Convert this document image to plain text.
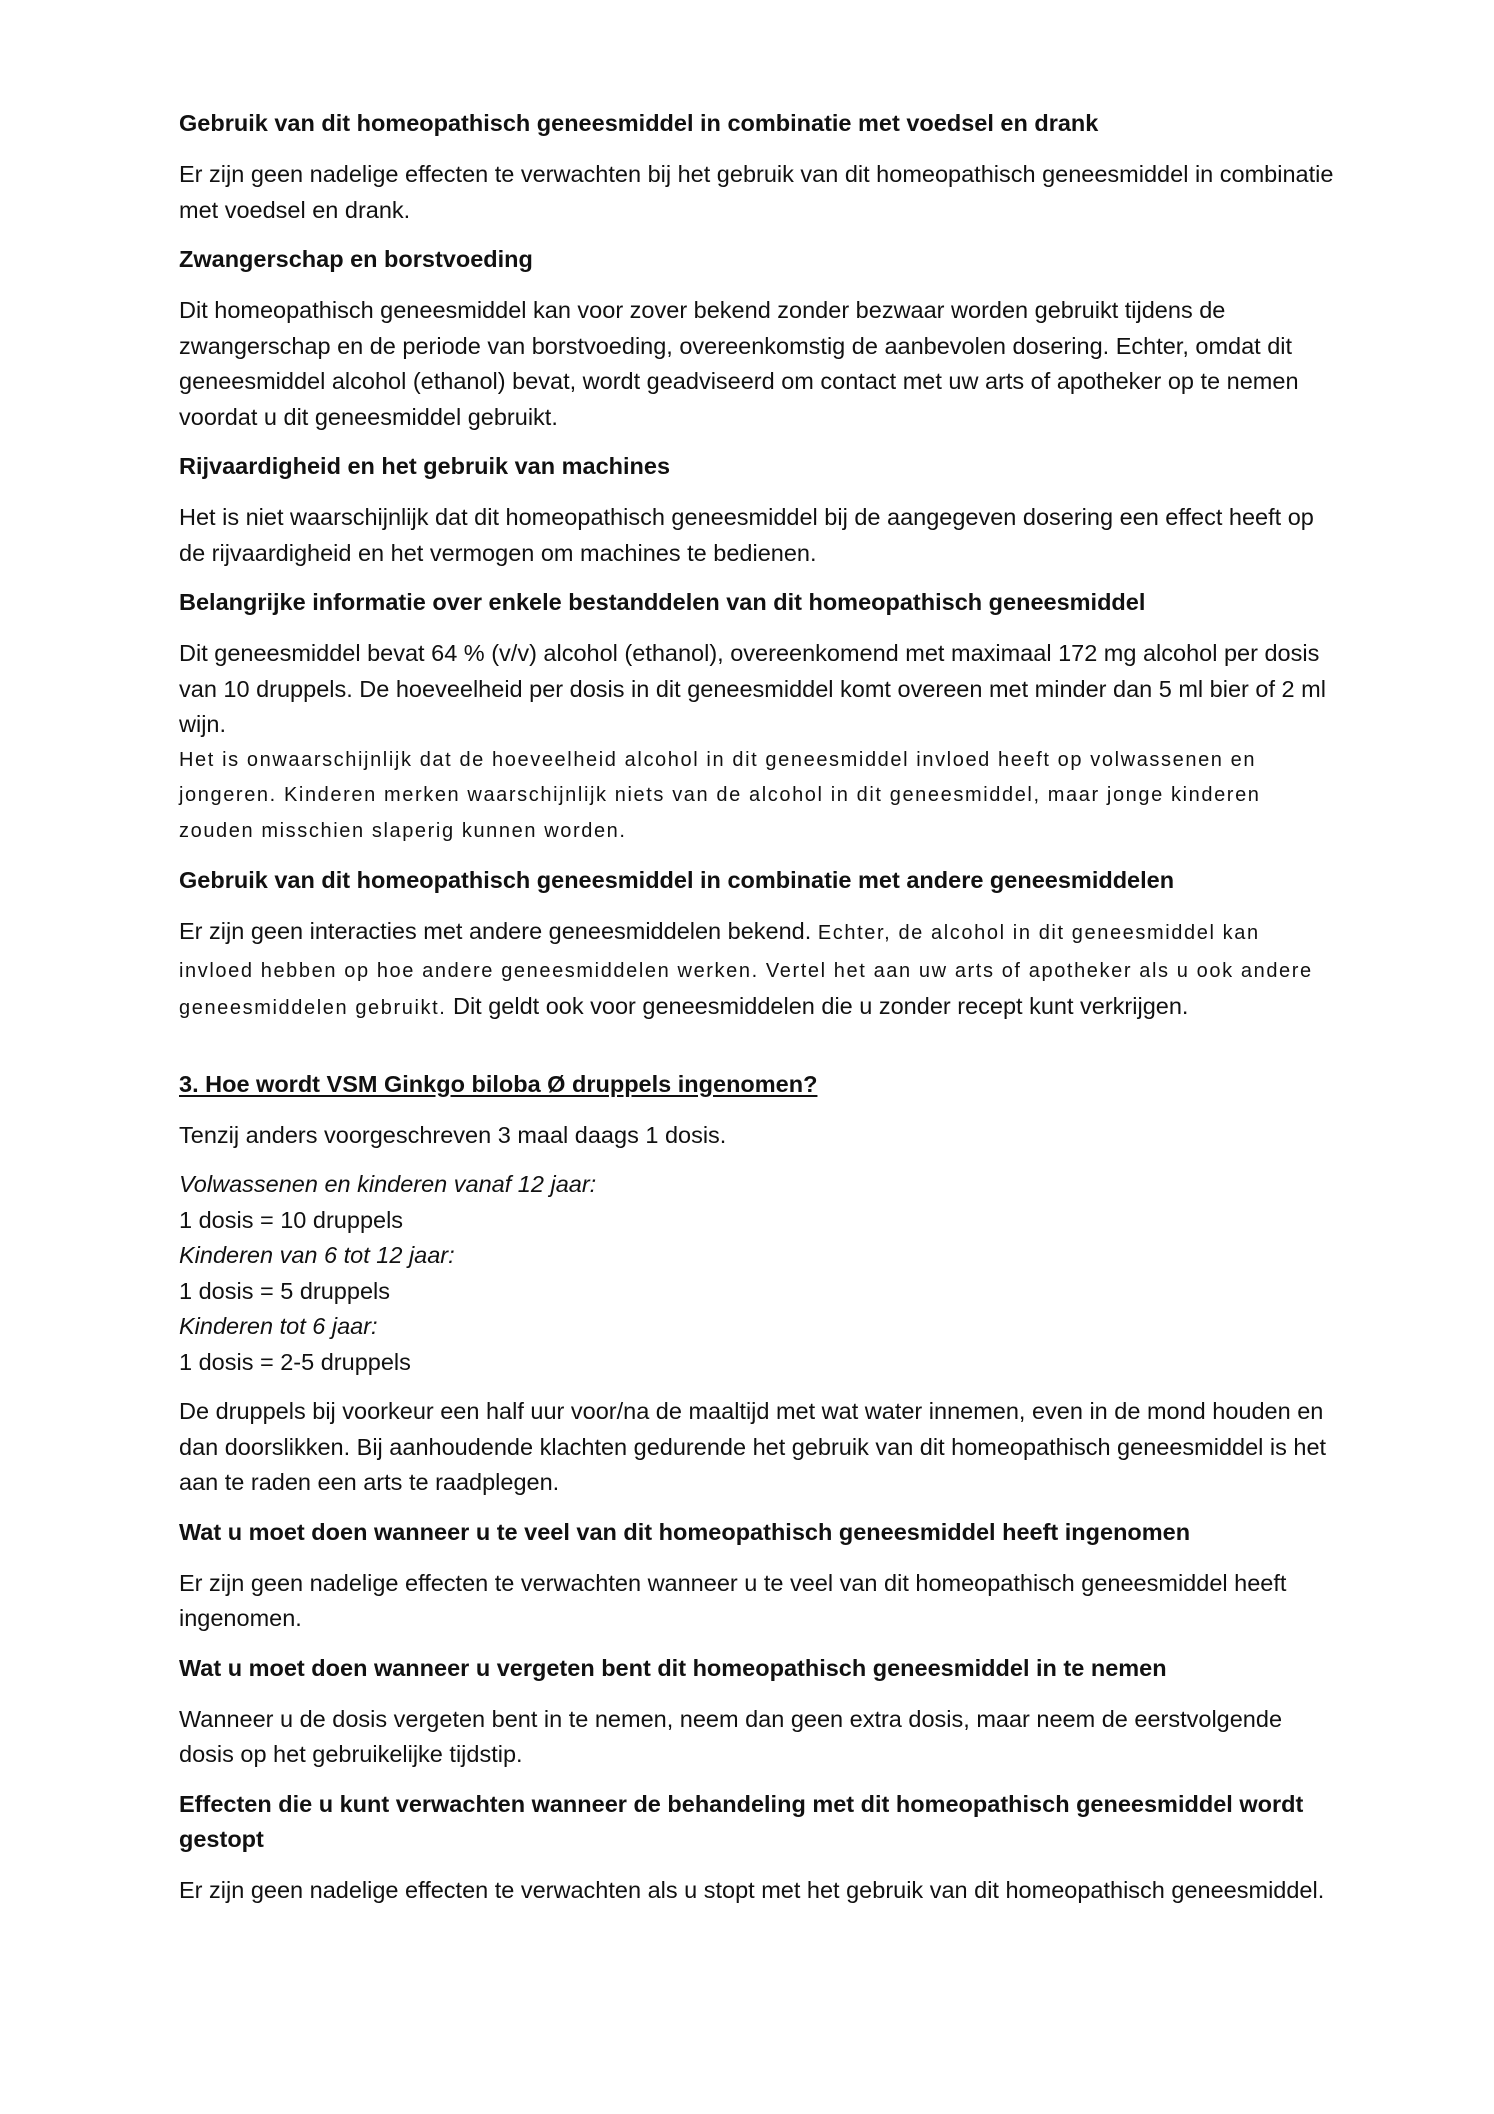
Gebruik van dit homeopathisch geneesmiddel in combinatie met voedsel en drank
Er zijn geen nadelige effecten te verwachten bij het gebruik van dit homeopathisch geneesmiddel in combinatie met voedsel en drank.
Zwangerschap en borstvoeding
Dit homeopathisch geneesmiddel kan voor zover bekend zonder bezwaar worden gebruikt tijdens de zwangerschap en de periode van borstvoeding, overeenkomstig de aanbevolen dosering. Echter, omdat dit geneesmiddel alcohol (ethanol) bevat, wordt geadviseerd om contact met uw arts of apotheker op te nemen voordat u dit geneesmiddel gebruikt.
Rijvaardigheid en het gebruik van machines
Het is niet waarschijnlijk dat dit homeopathisch geneesmiddel bij de aangegeven dosering een effect heeft op de rijvaardigheid en het vermogen om machines te bedienen.
Belangrijke informatie over enkele bestanddelen van dit homeopathisch geneesmiddel
Dit geneesmiddel bevat 64 % (v/v) alcohol (ethanol), overeenkomend met maximaal 172 mg alcohol per dosis van 10 druppels. De hoeveelheid per dosis in dit geneesmiddel komt overeen met minder dan 5 ml bier of 2 ml wijn.
Het is onwaarschijnlijk dat de hoeveelheid alcohol in dit geneesmiddel invloed heeft op volwassenen en jongeren. Kinderen merken waarschijnlijk niets van de alcohol in dit geneesmiddel, maar jonge kinderen zouden misschien slaperig kunnen worden.
Gebruik van dit homeopathisch geneesmiddel in combinatie met andere geneesmiddelen
Er zijn geen interacties met andere geneesmiddelen bekend. Echter, de alcohol in dit geneesmiddel kan invloed hebben op hoe andere geneesmiddelen werken. Vertel het aan uw arts of apotheker als u ook andere geneesmiddelen gebruikt. Dit geldt ook voor geneesmiddelen die u zonder recept kunt verkrijgen.
3. Hoe wordt VSM Ginkgo biloba Ø druppels ingenomen?
Tenzij anders voorgeschreven 3 maal daags 1 dosis.
Volwassenen en kinderen vanaf 12 jaar:
1 dosis = 10 druppels
Kinderen van 6 tot 12 jaar:
1 dosis = 5 druppels
Kinderen tot 6 jaar:
1 dosis = 2-5 druppels
De druppels bij voorkeur een half uur voor/na de maaltijd met wat water innemen, even in de mond houden en dan doorslikken. Bij aanhoudende klachten gedurende het gebruik van dit homeopathisch geneesmiddel is het aan te raden een arts te raadplegen.
Wat u moet doen wanneer u te veel van dit homeopathisch geneesmiddel heeft ingenomen
Er zijn geen nadelige effecten te verwachten wanneer u te veel van dit homeopathisch geneesmiddel heeft ingenomen.
Wat u moet doen wanneer u vergeten bent dit homeopathisch geneesmiddel in te nemen
Wanneer u de dosis vergeten bent in te nemen, neem dan geen extra dosis, maar neem de eerstvolgende dosis op het gebruikelijke tijdstip.
Effecten die u kunt verwachten wanneer de behandeling met dit homeopathisch geneesmiddel wordt gestopt
Er zijn geen nadelige effecten te verwachten als u stopt met het gebruik van dit homeopathisch geneesmiddel.
